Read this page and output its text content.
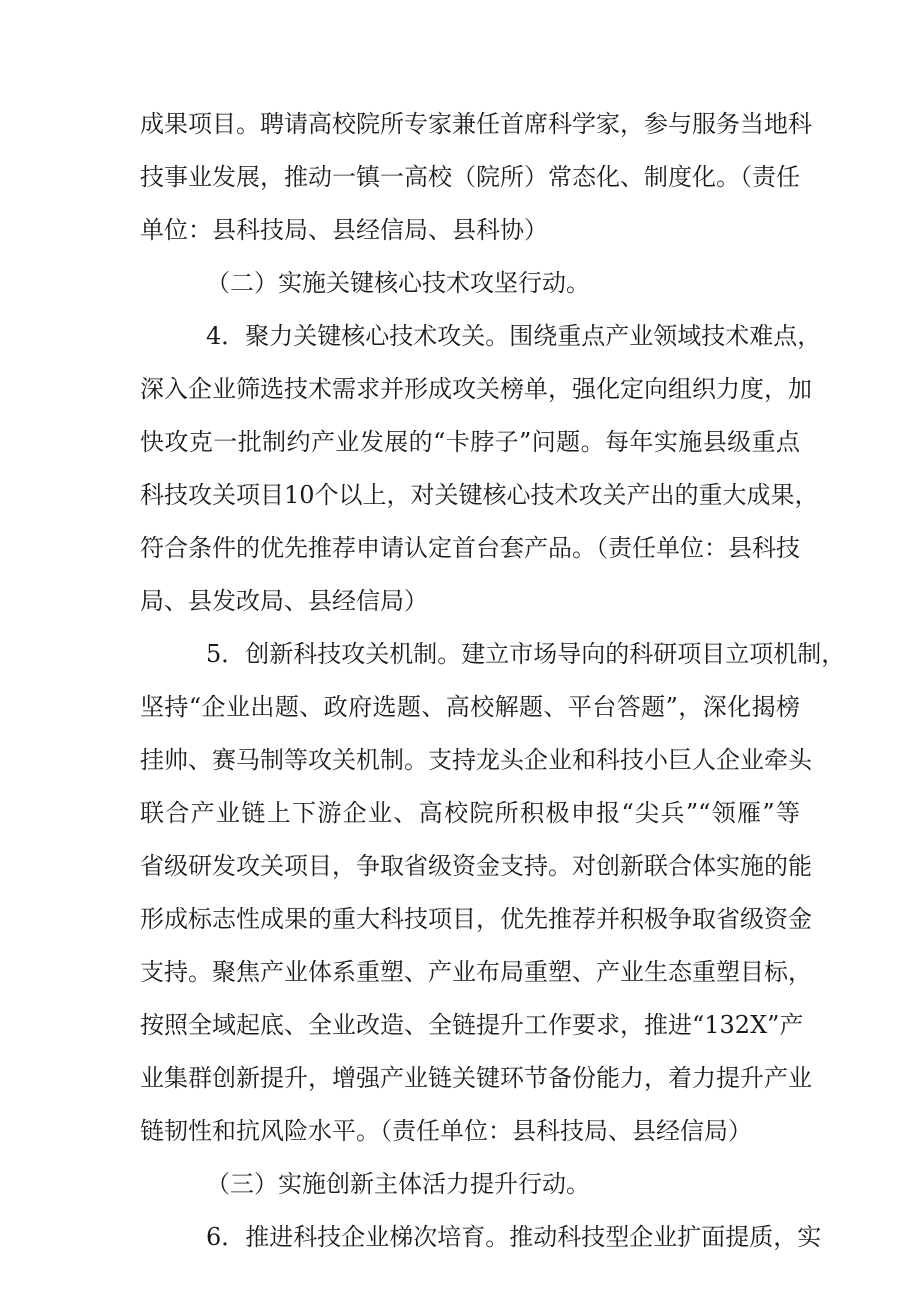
成果项目。聘请高校院所专家兼任首席科学家，参与服务当地科
技事业发展，推动一镇一高校（院所）常态化、制度化。（责任
单位：县科技局、县经信局、县科协）
（二）实施关键核心技术攻坚行动。
4．聚力关键核心技术攻关。围绕重点产业领域技术难点，
深入企业筛选技术需求并形成攻关榜单，强化定向组织力度，加
快攻克一批制约产业发展的“卡脖子”问题。每年实施县级重点
科技攻关项目10个以上，对关键核心技术攻关产出的重大成果，
符合条件的优先推荐申请认定首台套产品。（责任单位：县科技
局、县发改局、县经信局）
5．创新科技攻关机制。建立市场导向的科研项目立项机制，
坚持“企业出题、政府选题、高校解题、平台答题”，深化揭榜
挂帅、赛马制等攻关机制。支持龙头企业和科技小巨人企业牵头
联合产业链上下游企业、高校院所积极申报“尖兵”“领雁”等
省级研发攻关项目，争取省级资金支持。对创新联合体实施的能
形成标志性成果的重大科技项目，优先推荐并积极争取省级资金
支持。聚焦产业体系重塑、产业布局重塑、产业生态重塑目标，
按照全域起底、全业改造、全链提升工作要求，推进“132X”产
业集群创新提升，增强产业链关键环节备份能力，着力提升产业
链韧性和抗风险水平。（责任单位：县科技局、县经信局）
（三）实施创新主体活力提升行动。
6．推进科技企业梯次培育。推动科技型企业扩面提质，实
